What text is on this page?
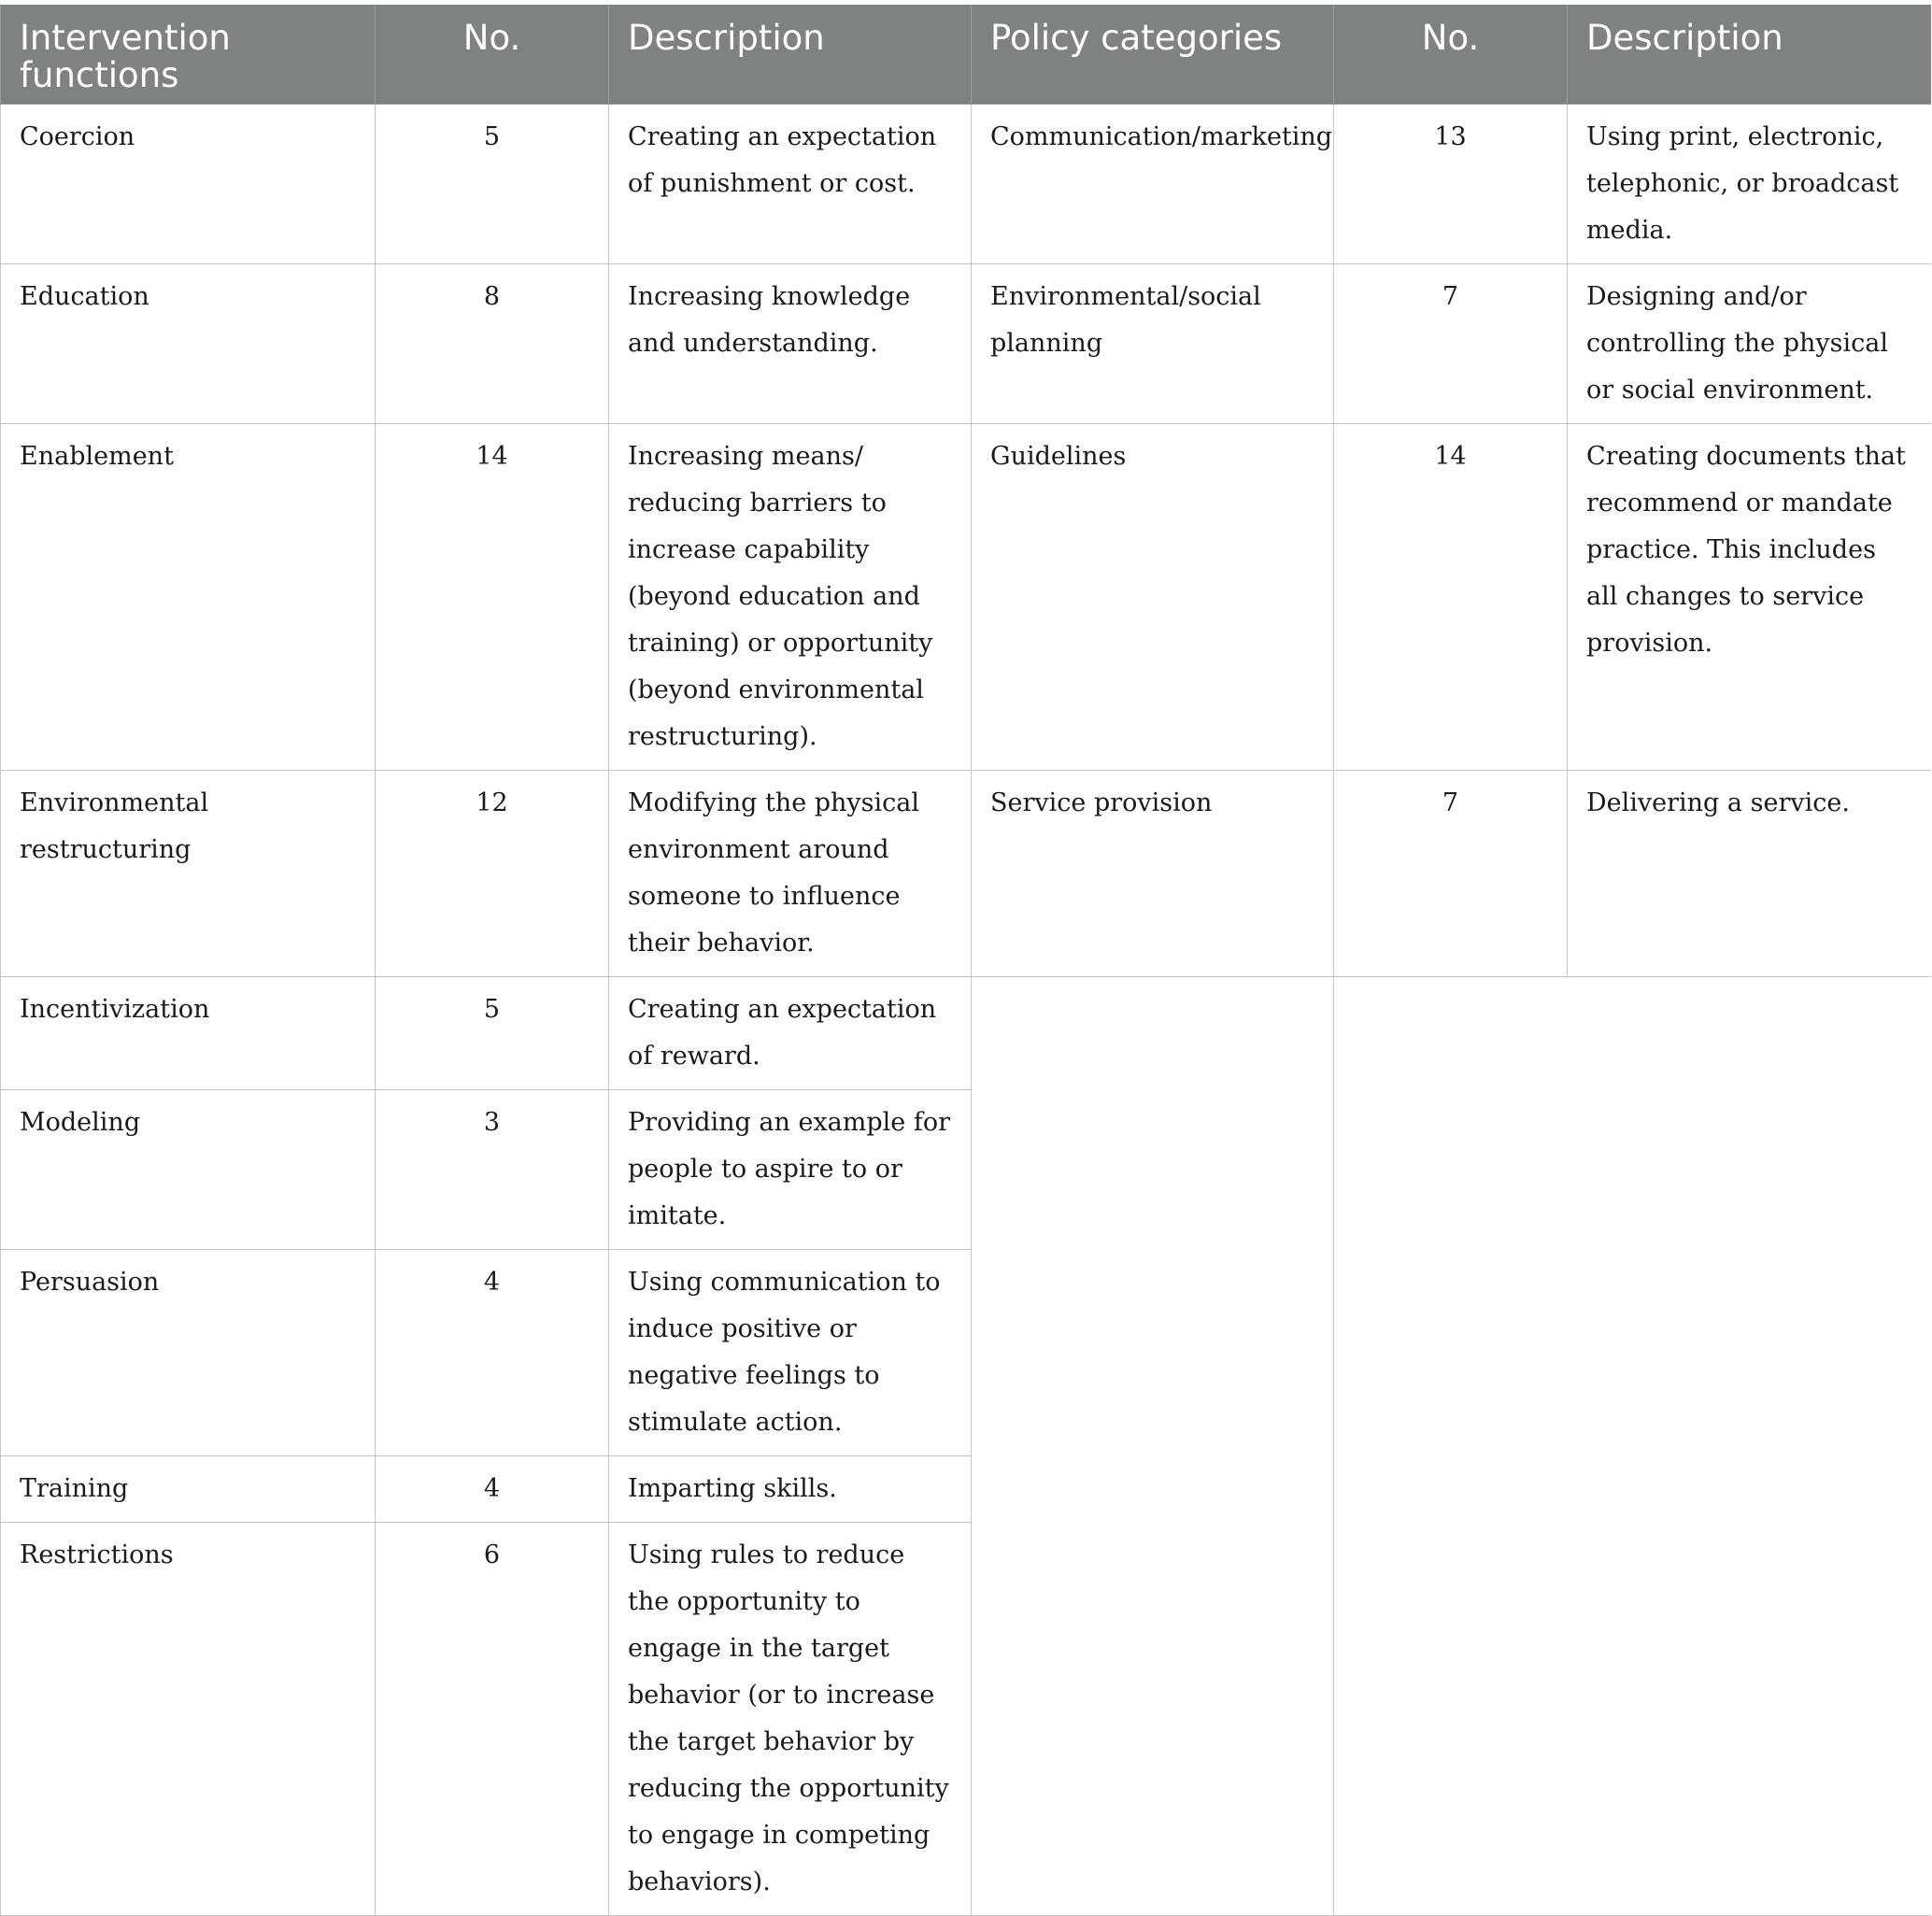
Intervention functions	No.	Description	Policy categories	No.	Description
Coercion	5	Creating an expectation of punishment or cost.	Communication/marketing	13	Using print, electronic, telephonic, or broadcast media.
Education	8	Increasing knowledge and understanding.	Environmental/social planning	7	Designing and/or controlling the physical or social environment.
Enablement	14	Increasing means/ reducing barriers to increase capability (beyond education and training) or opportunity (beyond environmental restructuring).	Guidelines	14	Creating documents that recommend or mandate practice. This includes all changes to service provision.
Environmental restructuring	12	Modifying the physical environment around someone to influence their behavior.	Service provision	7	Delivering a service.
Incentivization	5	Creating an expectation of reward.			
Modeling	3	Providing an example for people to aspire to or imitate.			
Persuasion	4	Using communication to induce positive or negative feelings to stimulate action.			
Training	4	Imparting skills.			
Restrictions	6	Using rules to reduce the opportunity to engage in the target behavior (or to increase the target behavior by reducing the opportunity to engage in competing behaviors).			
